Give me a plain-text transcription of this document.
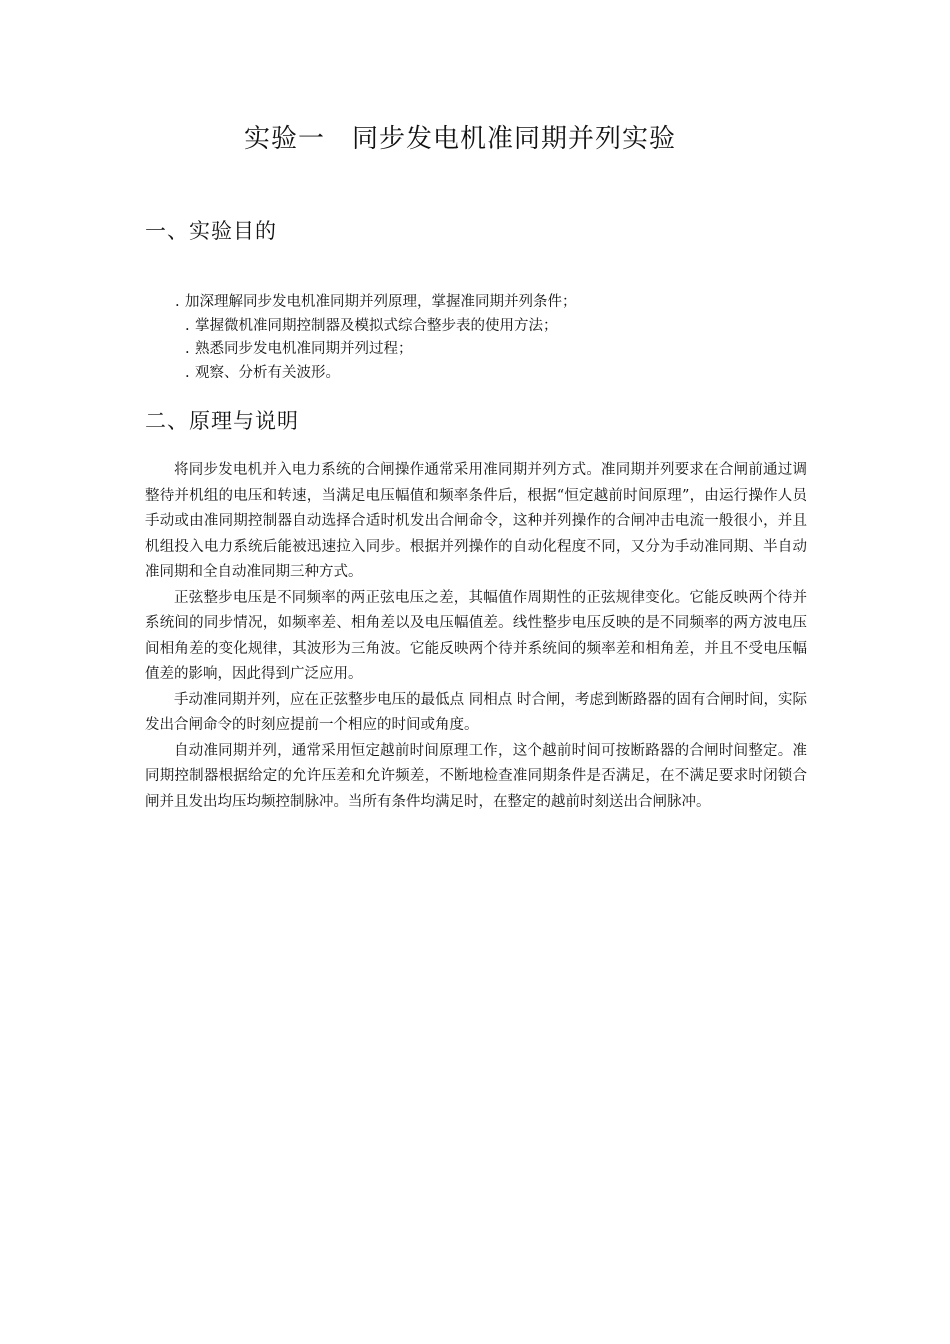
实验一　同步发电机准同期并列实验
一、实验目的
. 加深理解同步发电机准同期并列原理，掌握准同期并列条件；
. 掌握微机准同期控制器及模拟式综合整步表的使用方法；
. 熟悉同步发电机准同期并列过程；
. 观察、分析有关波形。
二、原理与说明

将同步发电机并入电力系统的合闸操作通常采用准同期并列方式。准同期并列要求在合闸前通过调整待并机组的电压和转速，当满足电压幅值和频率条件后，根据“恒定越前时间原理”，由运行操作人员手动或由准同期控制器自动选择合适时机发出合闸命令，这种并列操作的合闸冲击电流一般很小，并且机组投入电力系统后能被迅速拉入同步。根据并列操作的自动化程度不同，又分为手动准同期、半自动准同期和全自动准同期三种方式。

正弦整步电压是不同频率的两正弦电压之差，其幅值作周期性的正弦规律变化。它能反映两个待并系统间的同步情况，如频率差、相角差以及电压幅值差。线性整步电压反映的是不同频率的两方波电压间相角差的变化规律，其波形为三角波。它能反映两个待并系统间的频率差和相角差，并且不受电压幅值差的影响，因此得到广泛应用。

手动准同期并列，应在正弦整步电压的最低点 同相点 时合闸，考虑到断路器的固有合闸时间，实际发出合闸命令的时刻应提前一个相应的时间或角度。

自动准同期并列，通常采用恒定越前时间原理工作，这个越前时间可按断路器的合闸时间整定。准同期控制器根据给定的允许压差和允许频差，不断地检查准同期条件是否满足，在不满足要求时闭锁合闸并且发出均压均频控制脉冲。当所有条件均满足时，在整定的越前时刻送出合闸脉冲。
